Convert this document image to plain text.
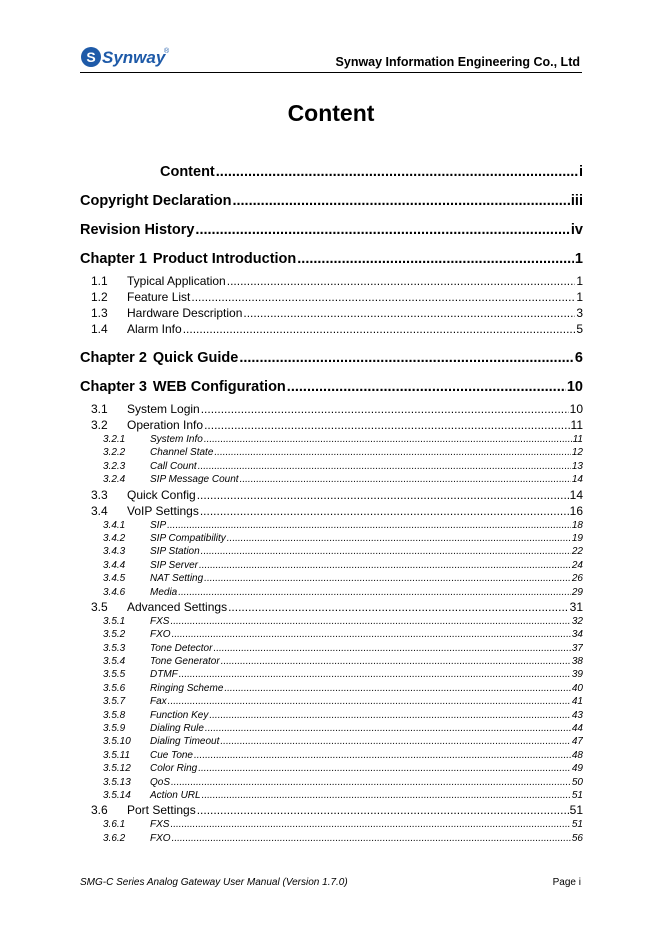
S Synway
®
Synway Information Engineering Co., Ltd
Content
Content .....	i
Copyright Declaration .....	iii
Revision History .....	iv
Chapter 1 Product Introduction .....	1
1.1	Typical Application .....	1
1.2	Feature List .....	1
1.3	Hardware Description .....	3
1.4	Alarm Info .....	5
Chapter 2 Quick Guide .....	6
Chapter 3 WEB Configuration .....	10
3.1	System Login .....	10
3.2	Operation Info .....	11
3.2.1	System Info .....	11
3.2.2	Channel State .....	12
3.2.3	Call Count .....	13
3.2.4	SIP Message Count .....	14
3.3	Quick Config .....	14
3.4	VoIP Settings .....	16
3.4.1	SIP .....	18
3.4.2	SIP Compatibility .....	19
3.4.3	SIP Station .....	22
3.4.4	SIP Server .....	24
3.4.5	NAT Setting .....	26
3.4.6	Media .....	29
3.5	Advanced Settings .....	31
3.5.1	FXS .....	32
3.5.2	FXO .....	34
3.5.3	Tone Detector .....	37
3.5.4	Tone Generator .....	38
3.5.5	DTMF .....	39
3.5.6	Ringing Scheme .....	40
3.5.7	Fax .....	41
3.5.8	Function Key .....	43
3.5.9	Dialing Rule .....	44
3.5.10	Dialing Timeout .....	47
3.5.11	Cue Tone .....	48
3.5.12	Color Ring .....	49
3.5.13	QoS .....	50
3.5.14	Action URL .....	51
3.6	Port Settings .....	51
3.6.1	FXS .....	51
3.6.2	FXO .....	56
SMG-C Series Analog Gateway User Manual (Version 1.7.0)	Page i
